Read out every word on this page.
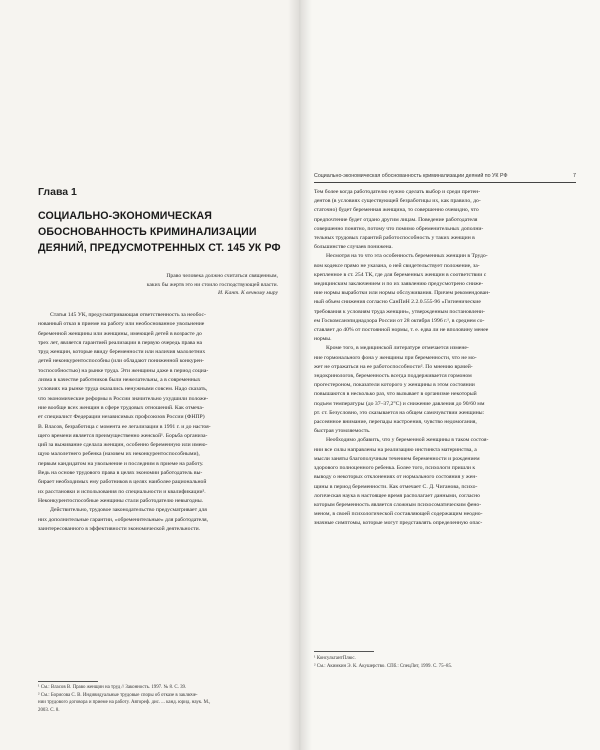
Глава 1
СОЦИАЛЬНО-ЭКОНОМИЧЕСКАЯ
ОБОСНОВАННОСТЬ КРИМИНАЛИЗАЦИИ
ДЕЯНИЙ, ПРЕДУСМОТРЕННЫХ СТ. 145 УК РФ
Право человека должно считаться священным,
каких бы жертв это ни стоило господствующей власти.
И. Кант. К вечному миру
Статья 145 УК, предусматривающая ответственность за необос-
нованный отказ в приеме на работу или необоснованное увольнение
беременной женщины или женщины, имеющей детей в возрасте до
трех лет, является гарантией реализации в первую очередь права на
труд женщин, которые ввиду беременности или наличия малолетних
детей неконкурентоспособны (или обладают пониженной конкурен-
тоспособностью) на рынке труда. Эти женщины даже в период социа-
лизма в качестве работников были нежелательны, а в современных
условиях на рынке труда оказались ненужными совсем. Надо сказать,
что экономические реформы в России значительно ухудшили положе-
ние вообще всех женщин в сфере трудовых отношений. Как отмеча-
ет специалист Федерации независимых профсоюзов России (ФНПР)
В. Власов, безработица с момента ее легализации в 1991 г. и до настоя-
щего времени является преимущественно женской¹. Борьба организа-
ций за выживание сделала женщин, особенно беременную или имею-
щую малолетнего ребенка (назовем их неконкурентоспособными),
первым кандидатом на увольнение и последним в приеме на работу.
Ведь на основе трудового права в целях экономии работодатель вы-
бирает необходимых ему работников в целях наиболее рациональной
их расстановки и использования по специальности и квалификации².
Неконкурентоспособные женщины стали работодателю невыгодны.
Действительно, трудовое законодательство предусматривает для
них дополнительные гарантии, «обременительные» для работодателя,
заинтересованного в эффективности экономической деятельности.
¹ См.: Власов В. Право женщин на труд // Законность. 1997. № 8. С. 39.
² См.: Борисова С. В. Индивидуальные трудовые споры об отказе в заключе-
нии трудового договора и приеме на работу. Автореф. дис. ... канд. юрид. наук. М.,
2003. С. 8.
Социально-экономическая обоснованность криминализации деяний по УК РФ	7
Тем более когда работодателю нужно сделать выбор и среди претен-
дентов (в условиях существующей безработицы их, как правило, до-
статочно) будет беременная женщина, то совершенно очевидно, что
предпочтение будет отдано другим лицам. Поведение работодателя
совершенно понятно, потому что помимо обременительных дополни-
тельных трудовых гарантий работоспособность у таких женщин в
большинстве случаев понижена.
Несмотря на то что эта особенность беременных женщин в Трудо-
вом кодексе прямо не указана, о ней свидетельствует положение, за-
крепленное в ст. 254 ТК, где для беременных женщин в соответствии с
медицинским заключением и по их заявлению предусмотрено сниже-
ние нормы выработки или нормы обслуживания. Причем рекомендован-
ный объем снижения согласно СанПиН 2.2.0.555-96 «Гигиенические
требования к условиям труда женщин», утвержденным постановлени-
ем Госкомсанэпиднадзора России от 28 октября 1996 г.¹, в среднем со-
ставляет до 40% от постоянной нормы, т. е. едва ли не вполовину менее
нормы.
Кроме того, в медицинской литературе отмечается измене-
ние гормонального фона у женщины при беременности, что не мо-
жет не отражаться на ее работоспособности². По мнению врачей-
эндокринологов, беременность всегда поддерживается гормоном
прогестероном, показатели которого у женщины в этом состоянии
повышаются в несколько раз, что вызывает в организме некоторый
подъем температуры (до 37–37,2°С) и снижение давления до 90/60 мм
рт. ст. Безусловно, это сказывается на общем самочувствии женщины:
рассеянное внимание, перепады настроения, чувство недомогания,
быстрая утомляемость.
Необходимо добавить, что у беременной женщины в таком состоя-
нии все силы направлены на реализацию инстинкта материнства, а
мысли заняты благополучным течением беременности и рождением
здорового полноценного ребенка. Более того, психологи пришли к
выводу о некоторых отклонениях от нормального состояния у жен-
щины в период беременности. Как отмечает С. Д. Чиганова, психо-
логическая наука в настоящее время располагает данными, согласно
которым беременность является сложным психосоматическим фено-
меном, в своей психологической составляющей содержащим неодно-
значные симптомы, которые могут представлять определенную опас-
¹ КонсультантПлюс.
² См.: Акимкин Э. К. Акушерство. СПб.: СпецЛит, 1999. С. 75–85.
